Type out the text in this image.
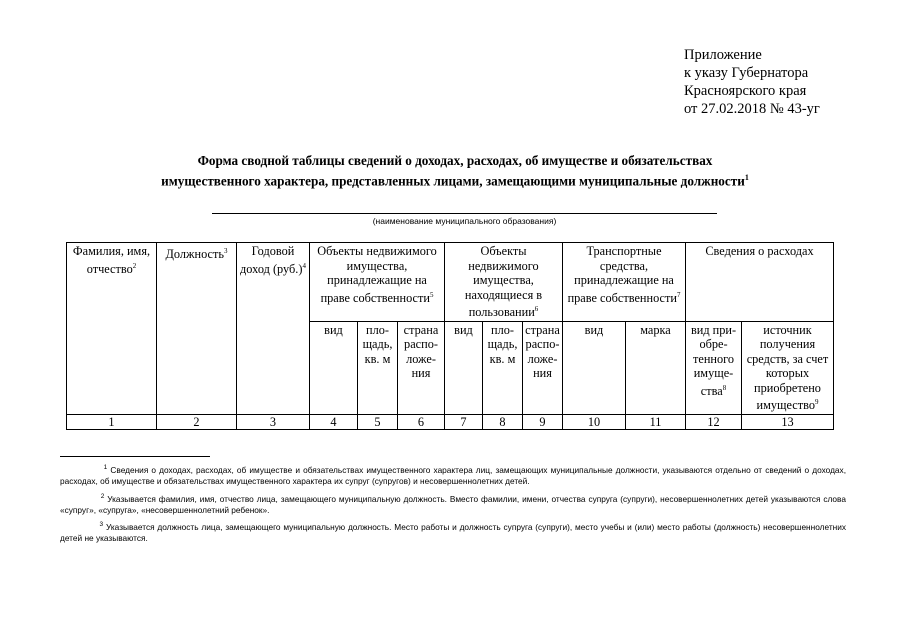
Приложение
к указу Губернатора
Красноярского края
от 27.02.2018 № 43-уг
Форма сводной таблицы сведений о доходах, расходах, об имуществе и обязательствах
имущественного характера, представленных лицами, замещающими муниципальные должности$^1$
(наименование муниципального образования)
Фамилия, имя, отчество$^2$	Должность$^3$	Годовой доход $(руб.)^4$	Объекты недвижимого имущества, принадлежащие на праве собственности$^5$			Объекты недвижимого имущества, находящиеся в пользовании$^6$			Транспортные средства, принадлежащие на праве собственности$^7$		Сведения о расходах	
			вид	пло-щадь, кв. м	страна распо-ложе-ния	вид	пло-щадь, кв. м	страна распо-ложе-ния	вид	марка	вид при-обре-тенного имуще-ства$^8$	источник получения средств, за счет которых приобретено имущество$^9$
1	2	3	4	5	6	7	8	9	10	11	12	13

$^1$ Сведения о доходах, расходах, об имуществе и обязательствах имущественного характера лиц, замещающих муниципальные должности, указываются отдельно от сведений о доходах, расходах, об имуществе и обязательствах имущественного характера их супруг (супругов) и несовершеннолетних детей.

$^2$ Указывается фамилия, имя, отчество лица, замещающего муниципальную должность. Вместо фамилии, имени, отчества супруга (супруги), несовершеннолетних детей указываются слова «супруг», «супруга», «несовершеннолетний ребенок».

$^3$ Указывается должность лица, замещающего муниципальную должность. Место работы и должность супруга (супруги), место учебы и (или) место работы (должность) несовершеннолетних детей не указываются.
